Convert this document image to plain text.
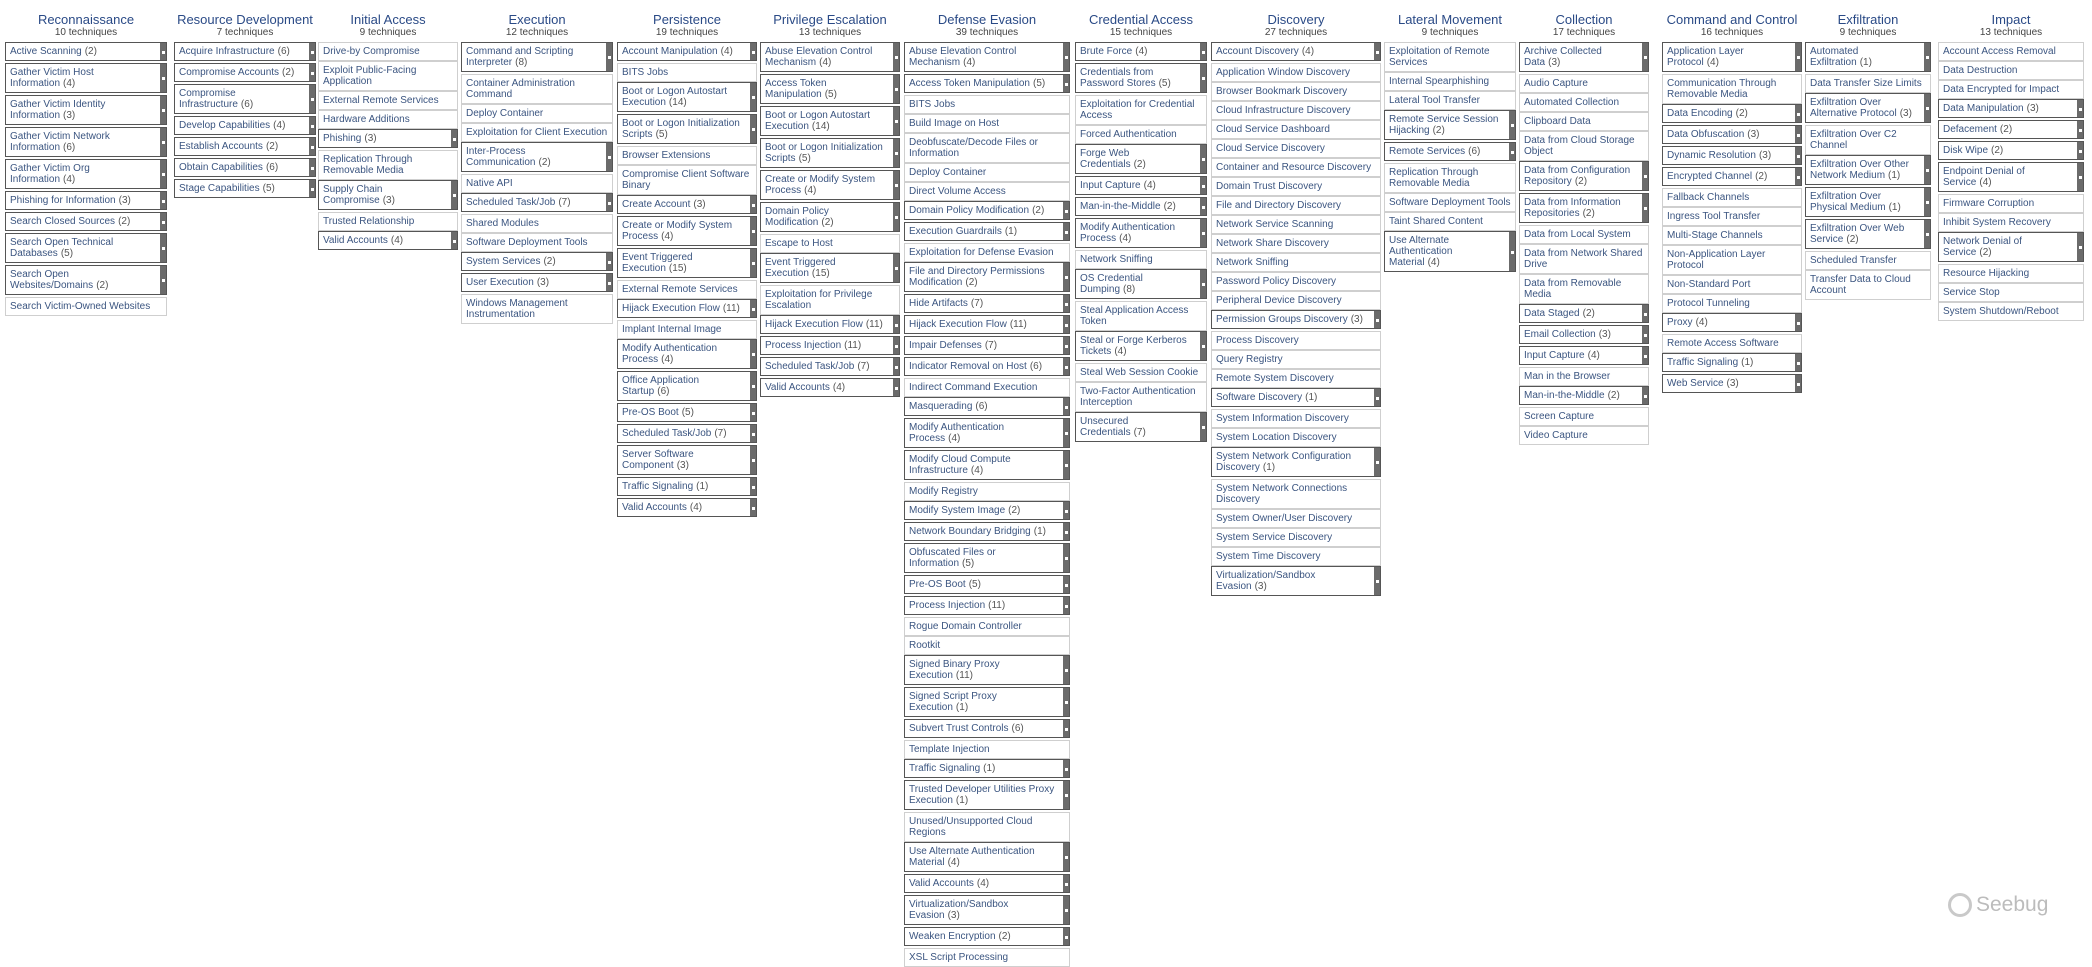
Reconnaissance
10 techniques
Active Scanning (2)
Gather Victim Host Information (4)
Gather Victim Identity Information (3)
Gather Victim Network Information (6)
Gather Victim Org Information (4)
Phishing for Information (3)
Search Closed Sources (2)
Search Open Technical Databases (5)
Search Open Websites/Domains (2)
Search Victim-Owned Websites
Resource Development
7 techniques
Acquire Infrastructure (6)
Compromise Accounts (2)
Compromise Infrastructure (6)
Develop Capabilities (4)
Establish Accounts (2)
Obtain Capabilities (6)
Stage Capabilities (5)
Initial Access
9 techniques
Drive-by Compromise
Exploit Public-Facing Application
External Remote Services
Hardware Additions
Phishing (3)
Replication Through Removable Media
Supply Chain Compromise (3)
Trusted Relationship
Valid Accounts (4)
Execution
12 techniques
Command and Scripting Interpreter (8)
Container Administration Command
Deploy Container
Exploitation for Client Execution
Inter-Process Communication (2)
Native API
Scheduled Task/Job (7)
Shared Modules
Software Deployment Tools
System Services (2)
User Execution (3)
Windows Management Instrumentation
Persistence
19 techniques
Account Manipulation (4)
BITS Jobs
Boot or Logon Autostart Execution (14)
Boot or Logon Initialization Scripts (5)
Browser Extensions
Compromise Client Software Binary
Create Account (3)
Create or Modify System Process (4)
Event Triggered Execution (15)
External Remote Services
Hijack Execution Flow (11)
Implant Internal Image
Modify Authentication Process (4)
Office Application Startup (6)
Pre-OS Boot (5)
Scheduled Task/Job (7)
Server Software Component (3)
Traffic Signaling (1)
Valid Accounts (4)
Privilege Escalation
13 techniques
Abuse Elevation Control Mechanism (4)
Access Token Manipulation (5)
Boot or Logon Autostart Execution (14)
Boot or Logon Initialization Scripts (5)
Create or Modify System Process (4)
Domain Policy Modification (2)
Escape to Host
Event Triggered Execution (15)
Exploitation for Privilege Escalation
Hijack Execution Flow (11)
Process Injection (11)
Scheduled Task/Job (7)
Valid Accounts (4)
Defense Evasion
39 techniques
Abuse Elevation Control Mechanism (4)
Access Token Manipulation (5)
BITS Jobs
Build Image on Host
Deobfuscate/Decode Files or Information
Deploy Container
Direct Volume Access
Domain Policy Modification (2)
Execution Guardrails (1)
Exploitation for Defense Evasion
File and Directory Permissions Modification (2)
Hide Artifacts (7)
Hijack Execution Flow (11)
Impair Defenses (7)
Indicator Removal on Host (6)
Indirect Command Execution
Masquerading (6)
Modify Authentication Process (4)
Modify Cloud Compute Infrastructure (4)
Modify Registry
Modify System Image (2)
Network Boundary Bridging (1)
Obfuscated Files or Information (5)
Pre-OS Boot (5)
Process Injection (11)
Rogue Domain Controller
Rootkit
Signed Binary Proxy Execution (11)
Signed Script Proxy Execution (1)
Subvert Trust Controls (6)
Template Injection
Traffic Signaling (1)
Trusted Developer Utilities Proxy Execution (1)
Unused/Unsupported Cloud Regions
Use Alternate Authentication Material (4)
Valid Accounts (4)
Virtualization/Sandbox Evasion (3)
Weaken Encryption (2)
XSL Script Processing
Credential Access
15 techniques
Brute Force (4)
Credentials from Password Stores (5)
Exploitation for Credential Access
Forced Authentication
Forge Web Credentials (2)
Input Capture (4)
Man-in-the-Middle (2)
Modify Authentication Process (4)
Network Sniffing
OS Credential Dumping (8)
Steal Application Access Token
Steal or Forge Kerberos Tickets (4)
Steal Web Session Cookie
Two-Factor Authentication Interception
Unsecured Credentials (7)
Discovery
27 techniques
Account Discovery (4)
Application Window Discovery
Browser Bookmark Discovery
Cloud Infrastructure Discovery
Cloud Service Dashboard
Cloud Service Discovery
Container and Resource Discovery
Domain Trust Discovery
File and Directory Discovery
Network Service Scanning
Network Share Discovery
Network Sniffing
Password Policy Discovery
Peripheral Device Discovery
Permission Groups Discovery (3)
Process Discovery
Query Registry
Remote System Discovery
Software Discovery (1)
System Information Discovery
System Location Discovery
System Network Configuration Discovery (1)
System Network Connections Discovery
System Owner/User Discovery
System Service Discovery
System Time Discovery
Virtualization/Sandbox Evasion (3)
Lateral Movement
9 techniques
Exploitation of Remote Services
Internal Spearphishing
Lateral Tool Transfer
Remote Service Session Hijacking (2)
Remote Services (6)
Replication Through Removable Media
Software Deployment Tools
Taint Shared Content
Use Alternate Authentication Material (4)
Collection
17 techniques
Archive Collected Data (3)
Audio Capture
Automated Collection
Clipboard Data
Data from Cloud Storage Object
Data from Configuration Repository (2)
Data from Information Repositories (2)
Data from Local System
Data from Network Shared Drive
Data from Removable Media
Data Staged (2)
Email Collection (3)
Input Capture (4)
Man in the Browser
Man-in-the-Middle (2)
Screen Capture
Video Capture
Command and Control
16 techniques
Application Layer Protocol (4)
Communication Through Removable Media
Data Encoding (2)
Data Obfuscation (3)
Dynamic Resolution (3)
Encrypted Channel (2)
Fallback Channels
Ingress Tool Transfer
Multi-Stage Channels
Non-Application Layer Protocol
Non-Standard Port
Protocol Tunneling
Proxy (4)
Remote Access Software
Traffic Signaling (1)
Web Service (3)
Exfiltration
9 techniques
Automated Exfiltration (1)
Data Transfer Size Limits
Exfiltration Over Alternative Protocol (3)
Exfiltration Over C2 Channel
Exfiltration Over Other Network Medium (1)
Exfiltration Over Physical Medium (1)
Exfiltration Over Web Service (2)
Scheduled Transfer
Transfer Data to Cloud Account
Impact
13 techniques
Account Access Removal
Data Destruction
Data Encrypted for Impact
Data Manipulation (3)
Defacement (2)
Disk Wipe (2)
Endpoint Denial of Service (4)
Firmware Corruption
Inhibit System Recovery
Network Denial of Service (2)
Resource Hijacking
Service Stop
System Shutdown/Reboot
Seebug
